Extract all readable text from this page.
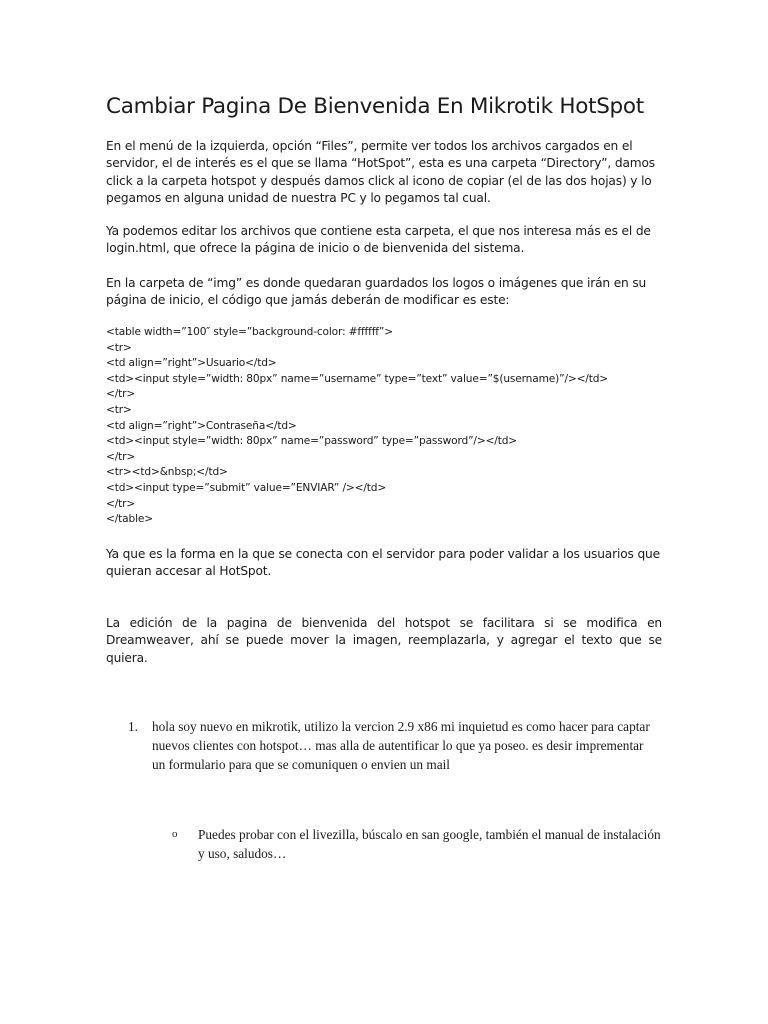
Cambiar Pagina De Bienvenida En Mikrotik HotSpot

En el menú de la izquierda, opción “Files”, permite ver todos los archivos cargados en el servidor, el de interés es el que se llama “HotSpot”, esta es una carpeta “Directory”, damos click a la carpeta hotspot y después damos click al icono de copiar (el de las dos hojas) y lo pegamos en alguna unidad de nuestra PC y lo pegamos tal cual.

Ya podemos editar los archivos que contiene esta carpeta, el que nos interesa más es el de login.html, que ofrece la página de inicio o de bienvenida del sistema.

En la carpeta de “img” es donde quedaran guardados los logos o imágenes que irán en su página de inicio, el código que jamás deberán de modificar es este:

<table width=”100″ style=”background-color: #ffffff”>
<tr>
<td align=”right”>Usuario</td>
<td><input style=”width: 80px” name=”username” type=”text” value=”$(username)”/></td>
</tr>
<tr>
<td align=”right”>Contraseña</td>
<td><input style=”width: 80px” name=”password” type=”password”/></td>
</tr>
<tr><td>&nbsp;</td>
<td><input type=”submit” value=”ENVIAR” /></td>
</tr>
</table>

Ya que es la forma en la que se conecta con el servidor para poder validar a los usuarios que quieran accesar al HotSpot.

La edición de la pagina de bienvenida del hotspot se facilitara si se modifica en Dreamweaver, ahí se puede mover la imagen, reemplazarla, y agregar el texto que se quiera.

1. hola soy nuevo en mikrotik, utilizo la vercion 2.9 x86 mi inquietud es como hacer para captar nuevos clientes con hotspot… mas alla de autentificar lo que ya poseo. es desir imprementar un formulario para que se comuniquen o envien un mail
o Puedes probar con el livezilla, búscalo en san google, también el manual de instalación y uso, saludos…
